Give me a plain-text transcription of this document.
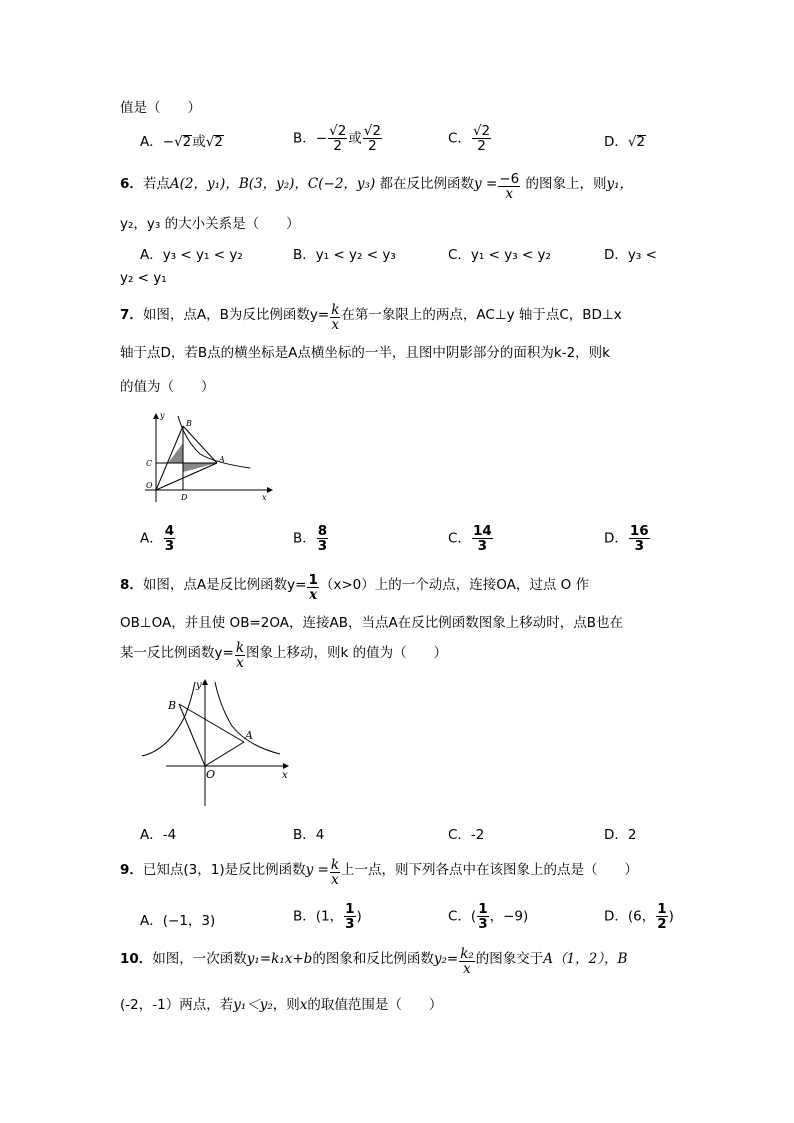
值是（　　）
A．−√2或√2	B．− $\frac{√2}{2}$ 或 $\frac{√2}{2}$	C． $\frac{√2}{2}$	D．√2
6．若点A(2，y₁)，B(3，y₂)，C(−2，y₃) 都在反比例函数$y = \frac{-6}{x}$ 的图象上，则y₁，
y₂，y₃ 的大小关系是（　　）
A．y₃ < y₁ < y₂	B．y₁ < y₂ < y₃	C．y₁ < y₃ < y₂	D．y₃ <
y₂ < y₁
7．如图，点A，B为反比例函数$y= \frac{k}{x}$ 在第一象限上的两点，AC⊥y 轴于点C，BD⊥x
轴于点D，若B点的横坐标是A点横坐标的一半，且图中阴影部分的面积为k-2，则k
的值为（　　）
y
x
B
A
C
O
D
A． $\frac{4}{3}$	B． $\frac{8}{3}$	C． $\frac{14}{3}$	D． $\frac{16}{3}$
8．如图，点A是反比例函数$y= \frac{1}{x} (x>0)$上的一个动点，连接OA，过点 O 作
OB⊥OA，并且使 OB=2OA，连接AB，当点A在反比例函数图象上移动时，点B也在
某一反比例函数$y= \frac{k}{x}$ 图象上移动，则k 的值为（　　）
y
x
B
A
O
A．-4	B．4	C．-2	D．2
9．已知点(3，1)是反比例函数$y = \frac{k}{x}$ 上一点，则下列各点中在该图象上的点是（　　）
A．(−1，3)	B．(1， $\frac{1}{3}$ )	C．( $\frac{1}{3}$ ，−9)	D．(6， $\frac{1}{2}$ )
10．如图，一次函数y₁=k₁x+b的图象和反比例函数$y_2= \frac{\text{k₂}}{x}$ 的图象交于A（1，2），B
(-2，-1）两点，若y₁＜y₂，则x的取值范围是（　　）
